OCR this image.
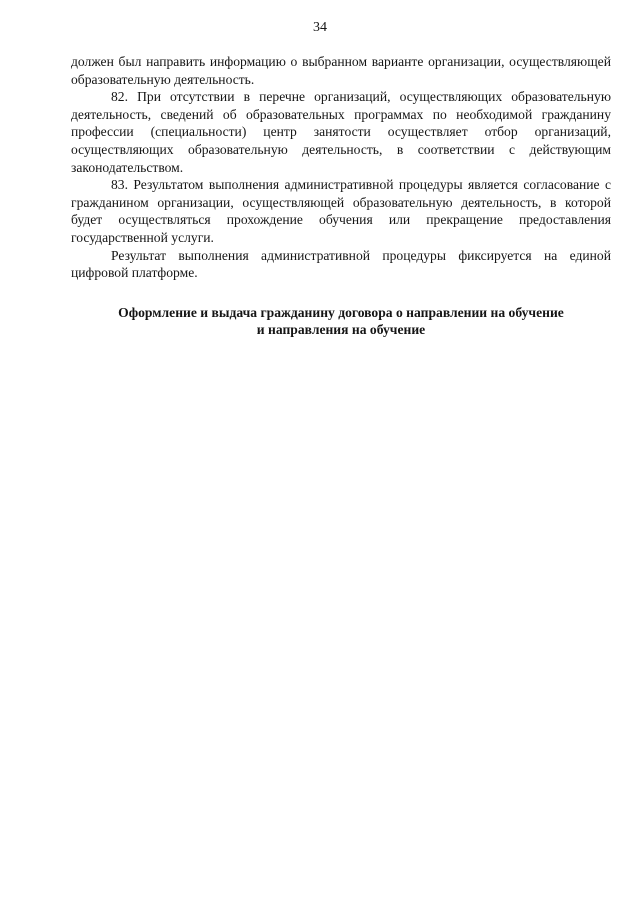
34

должен был направить информацию о выбранном варианте организации, осуществляющей образовательную деятельность.

82. При отсутствии в перечне организаций, осуществляющих образовательную деятельность, сведений об образовательных программах по необходимой гражданину профессии (специальности) центр занятости осуществляет отбор организаций, осуществляющих образовательную деятельность, в соответствии с действующим законодательством.

83. Результатом выполнения административной процедуры является согласование с гражданином организации, осуществляющей образовательную деятельность, в которой будет осуществляться прохождение обучения или прекращение предоставления государственной услуги.

Результат выполнения административной процедуры фиксируется на единой цифровой платформе.

Оформление и выдача гражданину договора о направлении на обучение
и направления на обучение
